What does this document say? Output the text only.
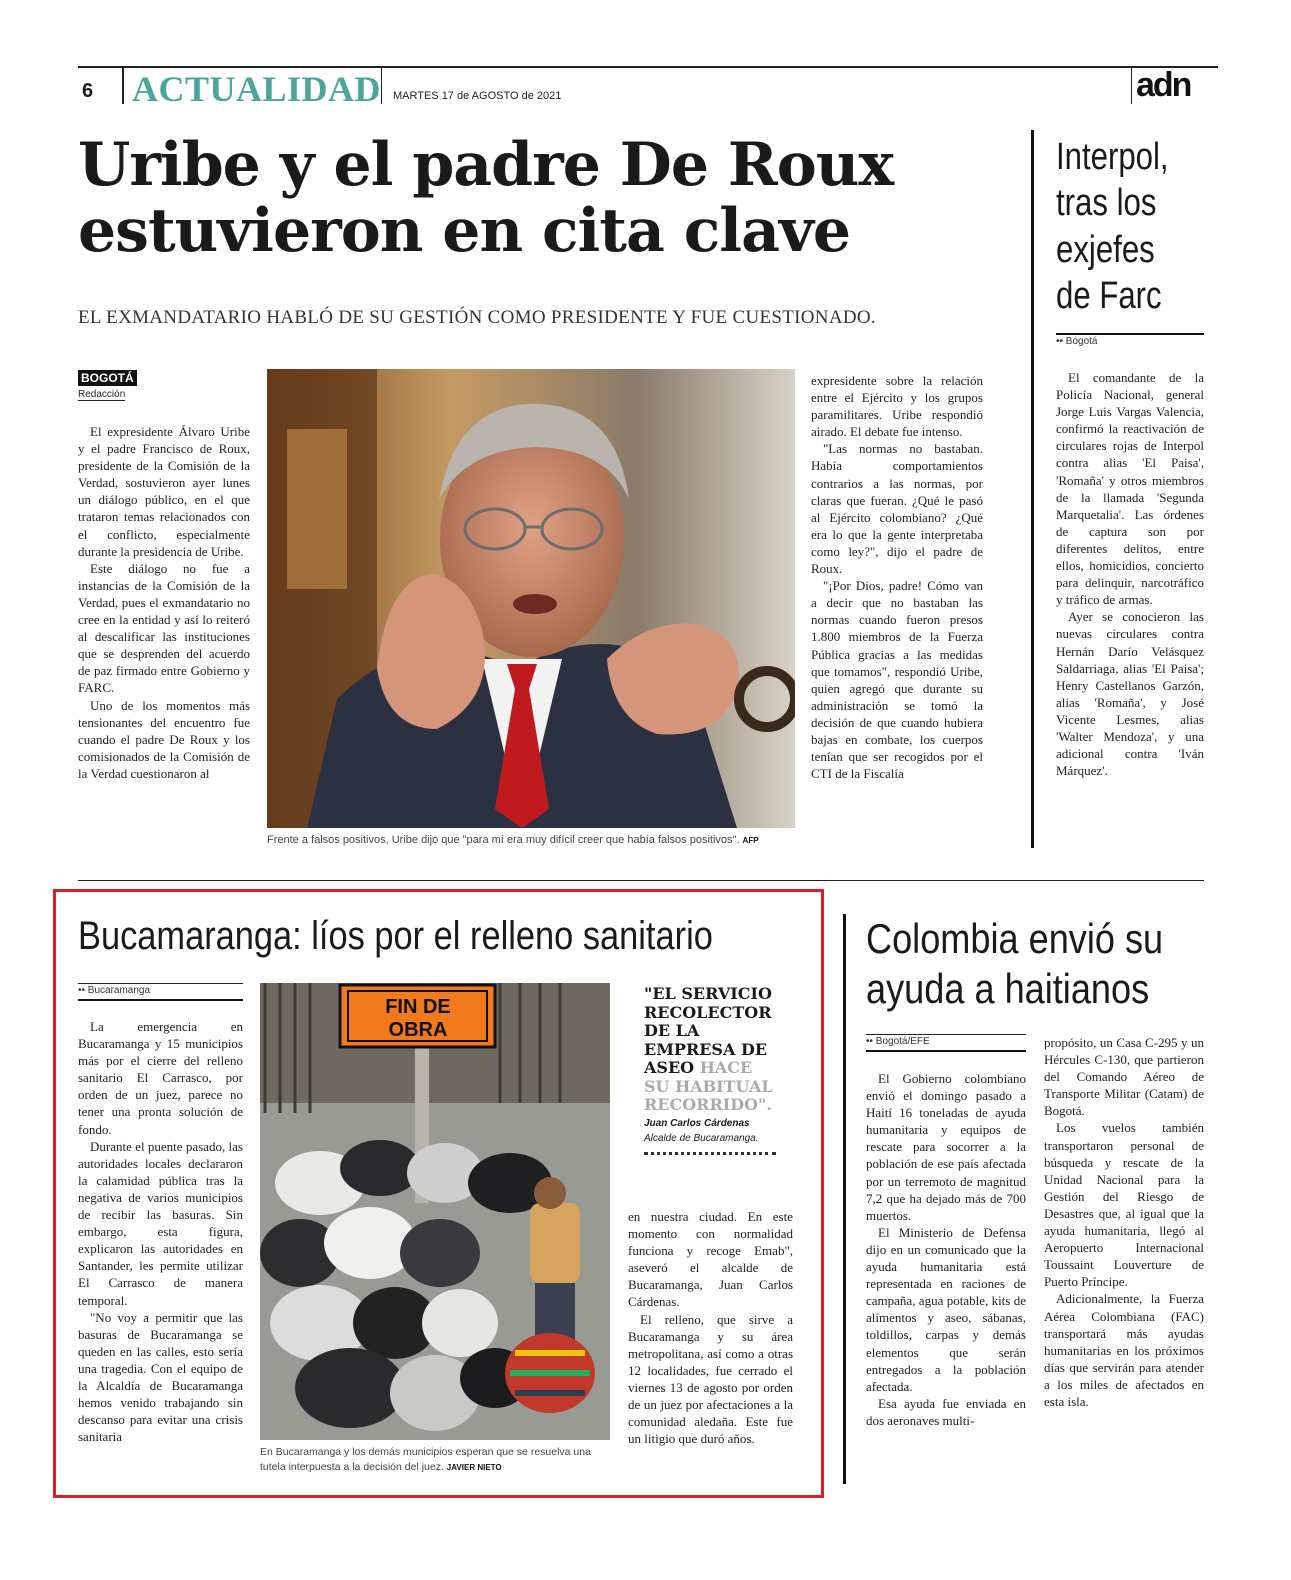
6 ACTUALIDAD MARTES 17 de AGOSTO de 2021	adn
Uribe y el padre De Roux estuvieron en cita clave
EL EXMANDATARIO HABLÓ DE SU GESTIÓN COMO PRESIDENTE Y FUE CUESTIONADO.
BOGOTÁ
Redacción

El expresidente Álvaro Uribe y el padre Francisco de Roux, presidente de la Comisión de la Verdad, sostuvieron ayer lunes un diálogo público, en el que trataron temas relacionados con el conflicto, especialmente durante la presidencia de Uribe.

Este diálogo no fue a instancias de la Comisión de la Verdad, pues el exmandatario no cree en la entidad y así lo reiteró al descalificar las instituciones que se desprenden del acuerdo de paz firmado entre Gobierno y FARC.

Uno de los momentos más tensionantes del encuentro fue cuando el padre De Roux y los comisionados de la Comisión de la Verdad cuestionaron al

Frente a falsos positivos, Uribe dijo que "para mí era muy difícil creer que había falsos positivos". AFP

expresidente sobre la relación entre el Ejército y los grupos paramilitares. Uribe respondió airado. El debate fue intenso.

"Las normas no bastaban. Había comportamientos contrarios a las normas, por claras que fueran. ¿Qué le pasó al Ejército colombiano? ¿Qué era lo que la gente interpretaba como ley?", dijo el padre de Roux.

"¡Por Dios, padre! Cómo van a decir que no bastaban las normas cuando fueron presos 1.800 miembros de la Fuerza Pública gracias a las medidas que tomamos", respondió Uribe, quien agregó que durante su administración se tomó la decisión de que cuando hubiera bajas en combate, los cuerpos tenían que ser recogidos por el CTI de la Fiscalía

Interpol, tras los exjefes de Farc
•• Bogotá

El comandante de la Policía Nacional, general Jorge Luis Vargas Valencia, confirmó la reactivación de circulares rojas de Interpol contra alias 'El Paisa', 'Romaña' y otros miembros de la llamada 'Segunda Marquetalia'. Las órdenes de captura son por diferentes delitos, entre ellos, homicidios, concierto para delinquir, narcotráfico y tráfico de armas.

Ayer se conocieron las nuevas circulares contra Hernán Darío Velásquez Saldarriaga, alias 'El Paisa'; Henry Castellanos Garzón, alias 'Romaña', y José Vicente Lesmes, alias 'Walter Mendoza', y una adicional contra 'Iván Márquez'.

Bucamaranga: líos por el relleno sanitario
•• Bucaramanga

La emergencia en Bucaramanga y 15 municipios más por el cierre del relleno sanitario El Carrasco, por orden de un juez, parece no tener una pronta solución de fondo.

Durante el puente pasado, las autoridades locales declararon la calamidad pública tras la negativa de varios municipios de recibir las basuras. Sin embargo, esta figura, explicaron las autoridades en Santander, les permite utilizar El Carrasco de manera temporal.

"No voy a permitir que las basuras de Bucaramanga se queden en las calles, esto sería una tragedia. Con el equipo de la Alcaldía de Bucaramanga hemos venido trabajando sin descanso para evitar una crisis sanitaria

FIN DE
OBRA
En Bucaramanga y los demás municipios esperan que se resuelva una tutela interpuesta a la decisión del juez. JAVIER NIETO
"EL SERVICIO RECOLECTOR DE LA EMPRESA DE ASEO HACE SU HABITUAL RECORRIDO".
Juan Carlos Cárdenas
Alcalde de Bucaramanga.

en nuestra ciudad. En este momento con normalidad funciona y recoge Emab", aseveró el alcalde de Bucaramanga, Juan Carlos Cárdenas.

El relleno, que sirve a Bucaramanga y su área metropolitana, así como a otras 12 localidades, fue cerrado el viernes 13 de agosto por orden de un juez por afectaciones a la comunidad aledaña. Este fue un litigio que duró años.

Colombia envió su ayuda a haitianos
•• Bogotá/EFE

El Gobierno colombiano envió el domingo pasado a Haití 16 toneladas de ayuda humanitaria y equipos de rescate para socorrer a la población de ese país afectada por un terremoto de magnitud 7,2 que ha dejado más de 700 muertos.

El Ministerio de Defensa dijo en un comunicado que la ayuda humanitaria está representada en raciones de campaña, agua potable, kits de alimentos y aseo, sábanas, toldillos, carpas y demás elementos que serán entregados a la población afectada.

Esa ayuda fue enviada en dos aeronaves multi-

propósito, un Casa C-295 y un Hércules C-130, que partieron del Comando Aéreo de Transporte Militar (Catam) de Bogotá.

Los vuelos también transportaron personal de búsqueda y rescate de la Unidad Nacional para la Gestión del Riesgo de Desastres que, al igual que la ayuda humanitaria, llegó al Aeropuerto Internacional Toussaint Louverture de Puerto Príncipe.

Adicionalmente, la Fuerza Aérea Colombiana (FAC) transportará más ayudas humanitarias en los próximos días que servirán para atender a los miles de afectados en esta isla.
